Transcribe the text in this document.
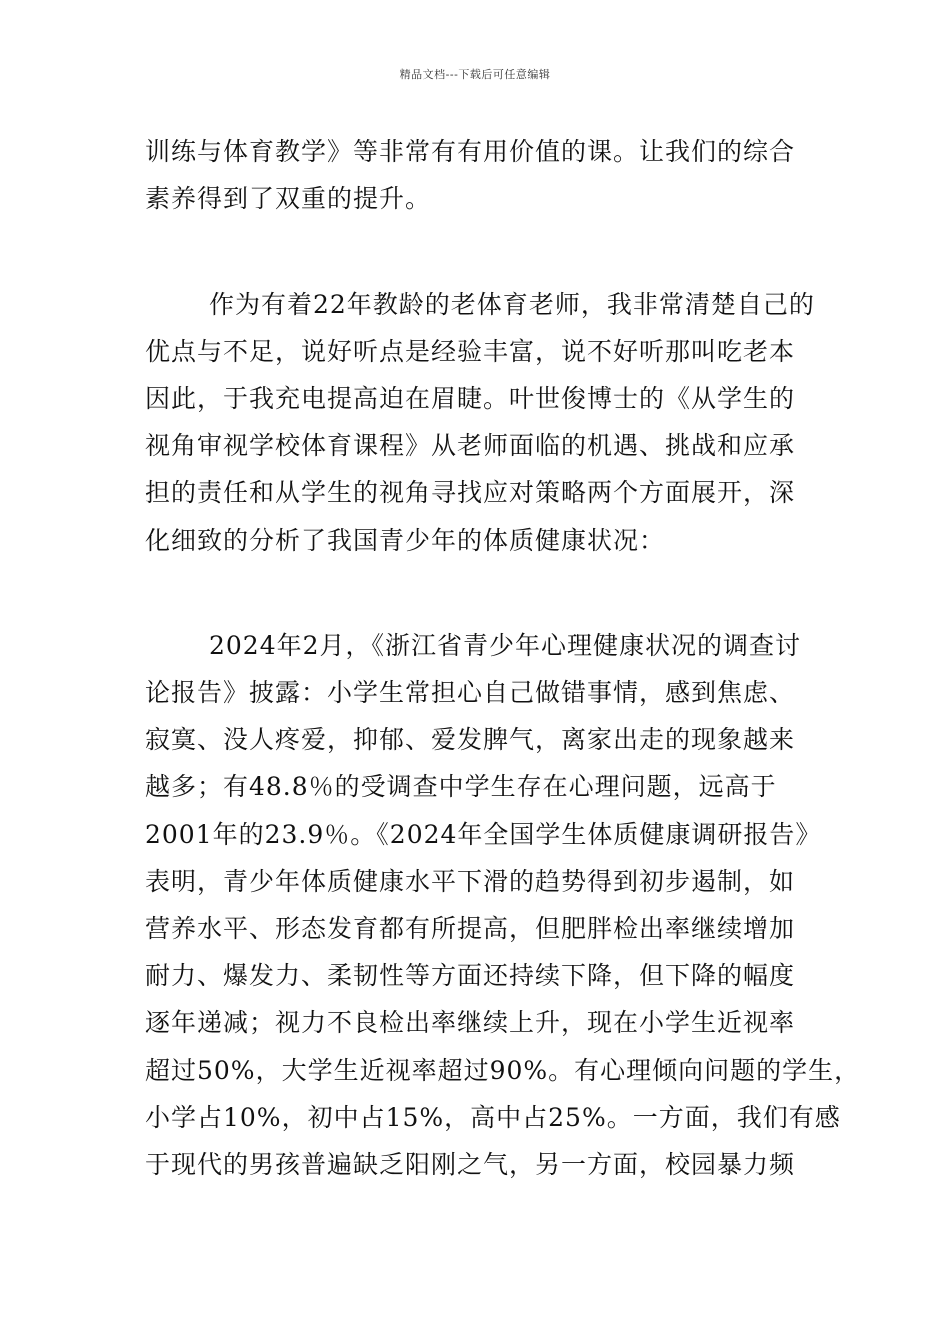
精品文档---下载后可任意编辑
训练与体育教学》等非常有有用价值的课。让我们的综合
素养得到了双重的提升。
作为有着22年教龄的老体育老师，我非常清楚自己的
优点与不足，说好听点是经验丰富，说不好听那叫吃老本
因此，于我充电提高迫在眉睫。叶世俊博士的《从学生的
视角审视学校体育课程》从老师面临的机遇、挑战和应承
担的责任和从学生的视角寻找应对策略两个方面展开，深
化细致的分析了我国青少年的体质健康状况：
2024年2月，《浙江省青少年心理健康状况的调查讨
论报告》披露：小学生常担心自己做错事情，感到焦虑、
寂寞、没人疼爱，抑郁、爱发脾气，离家出走的现象越来
越多；有48.8％的受调查中学生存在心理问题，远高于
2001年的23.9％。《2024年全国学生体质健康调研报告》
表明，青少年体质健康水平下滑的趋势得到初步遏制，如
营养水平、形态发育都有所提高，但肥胖检出率继续增加
耐力、爆发力、柔韧性等方面还持续下降，但下降的幅度
逐年递减；视力不良检出率继续上升，现在小学生近视率
超过50%，大学生近视率超过90%。有心理倾向问题的学生，
小学占10%，初中占15%，高中占25%。一方面，我们有感
于现代的男孩普遍缺乏阳刚之气，另一方面，校园暴力频
